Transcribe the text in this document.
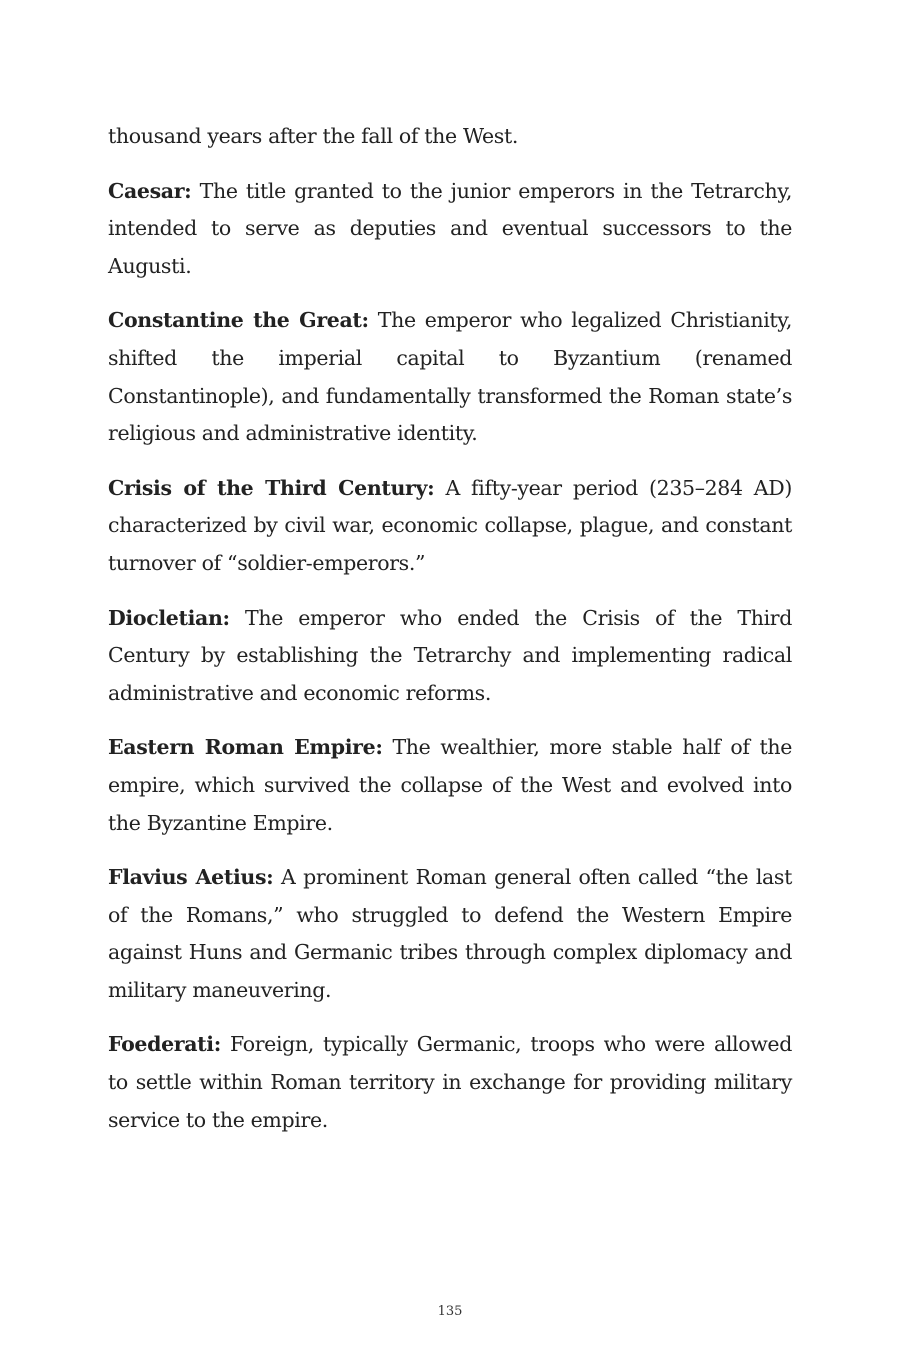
thousand years after the fall of the West.

Caesar: The title granted to the junior emperors in the Tetrarchy, intended to serve as deputies and eventual successors to the Augusti.

Constantine the Great: The emperor who legalized Christianity, shifted the imperial capital to Byzantium (renamed Constantinople), and fundamentally transformed the Roman state’s religious and administrative identity.

Crisis of the Third Century: A fifty-year period (235–284 AD) characterized by civil war, economic collapse, plague, and constant turnover of “soldier-emperors.”

Diocletian: The emperor who ended the Crisis of the Third Century by establishing the Tetrarchy and implementing radical administrative and economic reforms.

Eastern Roman Empire: The wealthier, more stable half of the empire, which survived the collapse of the West and evolved into the Byzantine Empire.

Flavius Aetius: A prominent Roman general often called “the last of the Romans,” who struggled to defend the Western Empire against Huns and Germanic tribes through complex diplomacy and military maneuvering.

Foederati: Foreign, typically Germanic, troops who were allowed to settle within Roman territory in exchange for providing military service to the empire.

135
